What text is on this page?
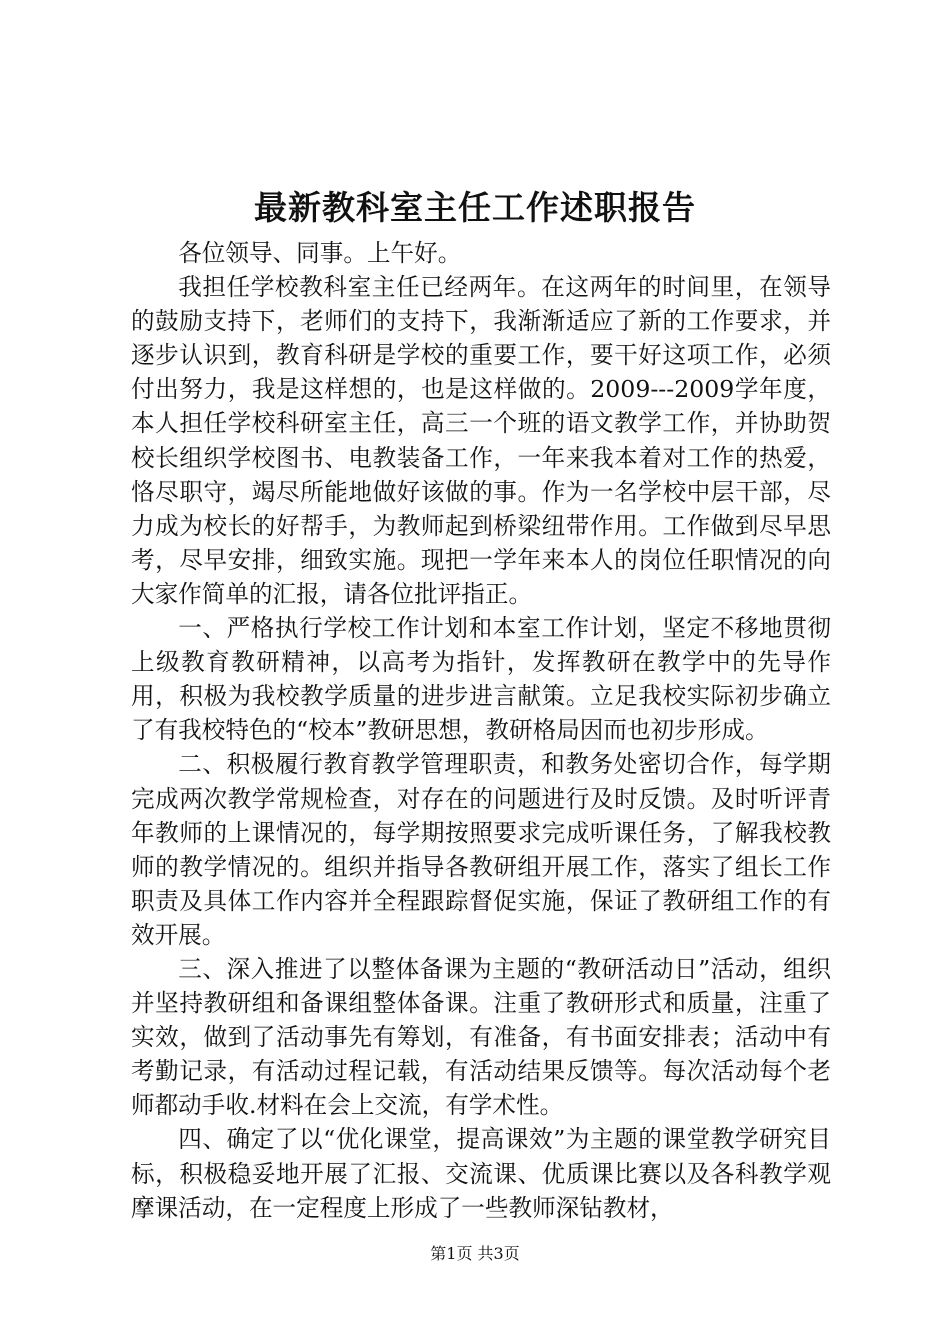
最新教科室主任工作述职报告

各位领导、同事。上午好。

我担任学校教科室主任已经两年。在这两年的时间里，在领导的鼓励支持下，老师们的支持下，我渐渐适应了新的工作要求，并逐步认识到，教育科研是学校的重要工作，要干好这项工作，必须付出努力，我是这样想的，也是这样做的。2009---2009学年度，本人担任学校科研室主任，高三一个班的语文教学工作，并协助贺校长组织学校图书、电教装备工作，一年来我本着对工作的热爱，恪尽职守，竭尽所能地做好该做的事。作为一名学校中层干部，尽力成为校长的好帮手，为教师起到桥梁纽带作用。工作做到尽早思考，尽早安排，细致实施。现把一学年来本人的岗位任职情况的向大家作简单的汇报，请各位批评指正。

一、严格执行学校工作计划和本室工作计划，坚定不移地贯彻上级教育教研精神，以高考为指针，发挥教研在教学中的先导作用，积极为我校教学质量的进步进言献策。立足我校实际初步确立了有我校特色的“校本”教研思想，教研格局因而也初步形成。

二、积极履行教育教学管理职责，和教务处密切合作，每学期完成两次教学常规检查，对存在的问题进行及时反馈。及时听评青年教师的上课情况的，每学期按照要求完成听课任务，了解我校教师的教学情况的。组织并指导各教研组开展工作，落实了组长工作职责及具体工作内容并全程跟踪督促实施，保证了教研组工作的有效开展。

三、深入推进了以整体备课为主题的“教研活动日”活动，组织并坚持教研组和备课组整体备课。注重了教研形式和质量，注重了实效，做到了活动事先有筹划，有准备，有书面安排表；活动中有考勤记录，有活动过程记载，有活动结果反馈等。每次活动每个老师都动手收.材料在会上交流，有学术性。

四、确定了以“优化课堂，提高课效”为主题的课堂教学研究目标，积极稳妥地开展了汇报、交流课、优质课比赛以及各科教学观摩课活动，在一定程度上形成了一些教师深钻教材，

第1页 共3页
